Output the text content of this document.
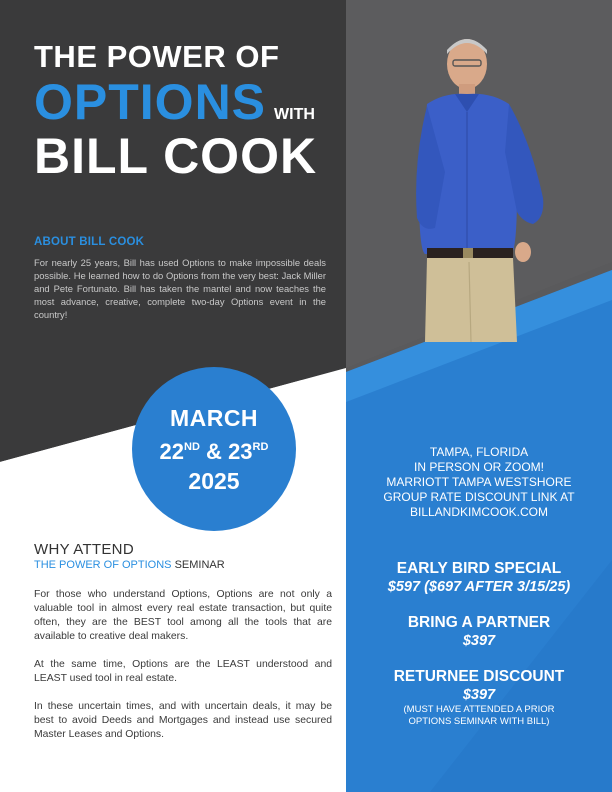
THE POWER OF
OPTIONS WITH
BILL COOK
ABOUT BILL COOK
For nearly 25 years, Bill has used Options to make impossible deals possible. He learned how to do Options from the very best: Jack Miller and Pete Fortunato. Bill has taken the mantel and now teaches the most advance, creative, complete two-day Options event in the country!
MARCH
22ND & 23RD
2025
TAMPA, FLORIDA
IN PERSON OR ZOOM!
MARRIOTT TAMPA WESTSHORE
GROUP RATE DISCOUNT LINK AT
BILLANDKIMCOOK.COM
EARLY BIRD SPECIAL
$597 ($697 AFTER 3/15/25)
BRING A PARTNER
$397
RETURNEE DISCOUNT
$397
(MUST HAVE ATTENDED A PRIOR
OPTIONS SEMINAR WITH BILL)
WHY ATTEND
THE POWER OF OPTIONS SEMINAR

For those who understand Options, Options are not only a valuable tool in almost every real estate transaction, but quite often, they are the BEST tool among all the tools that are available to creative deal makers.

At the same time, Options are the LEAST understood and LEAST used tool in real estate.

In these uncertain times, and with uncertain deals, it may be best to avoid Deeds and Mortgages and instead use secured Master Leases and Options.
